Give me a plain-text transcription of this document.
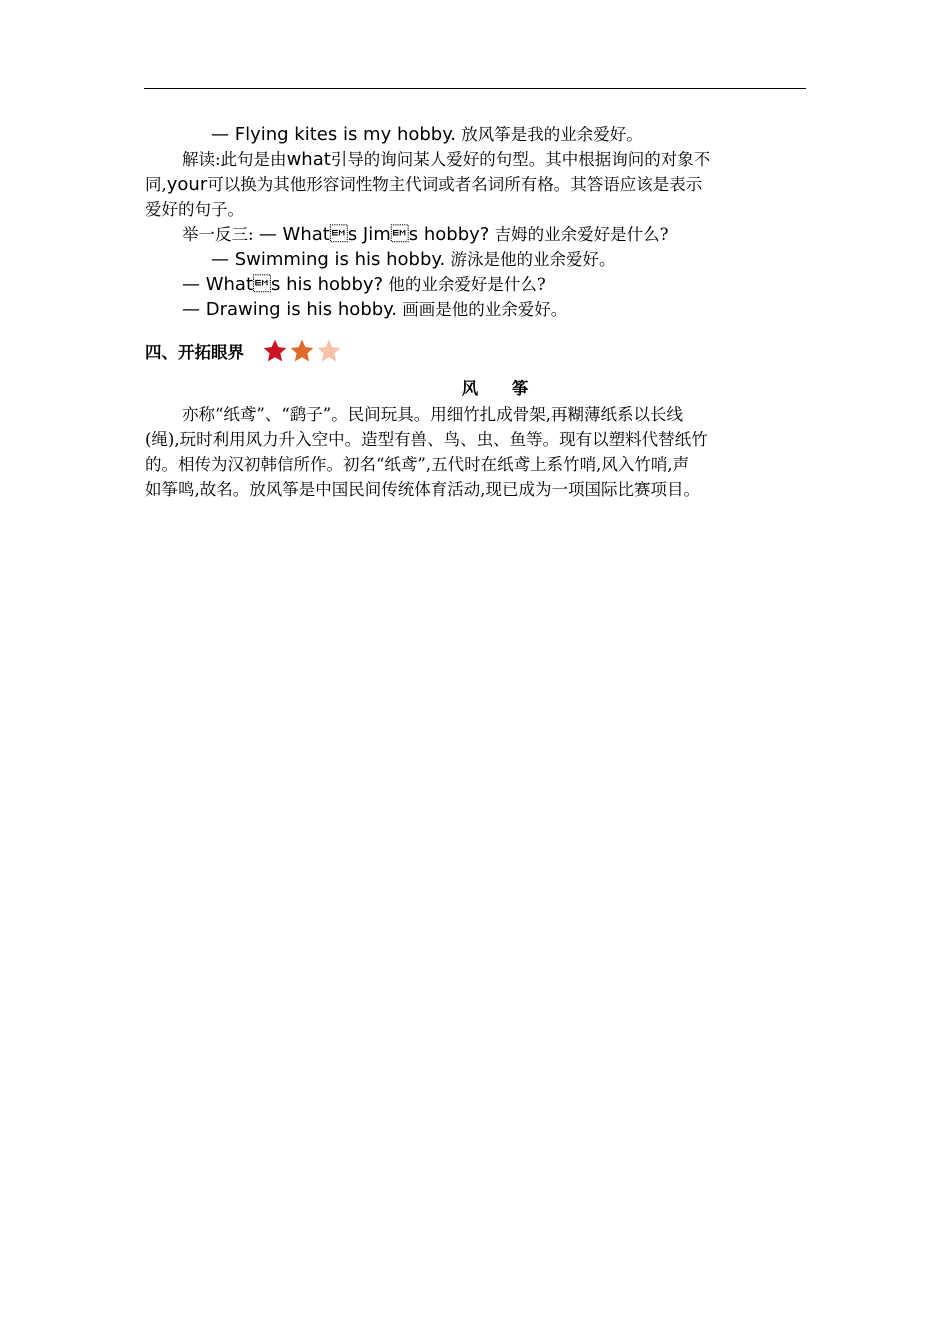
— Flying kites is my hobby. 放风筝是我的业余爱好。
解读:此句是由what引导的询问某人爱好的句型。其中根据询问的对象不
同,your可以换为其他形容词性物主代词或者名词所有格。其答语应该是表示
爱好的句子。
举一反三: — Whats Jims hobby? 吉姆的业余爱好是什么?
— Swimming is his hobby. 游泳是他的业余爱好。
— Whats his hobby? 他的业余爱好是什么?
— Drawing is his hobby. 画画是他的业余爱好。
四、开拓眼界
风 筝
亦称“纸鸢”、“鹞子”。民间玩具。用细竹扎成骨架,再糊薄纸系以长线
(绳),玩时利用风力升入空中。造型有兽、鸟、虫、鱼等。现有以塑料代替纸竹
的。相传为汉初韩信所作。初名“纸鸢”,五代时在纸鸢上系竹哨,风入竹哨,声
如筝鸣,故名。放风筝是中国民间传统体育活动,现已成为一项国际比赛项目。
